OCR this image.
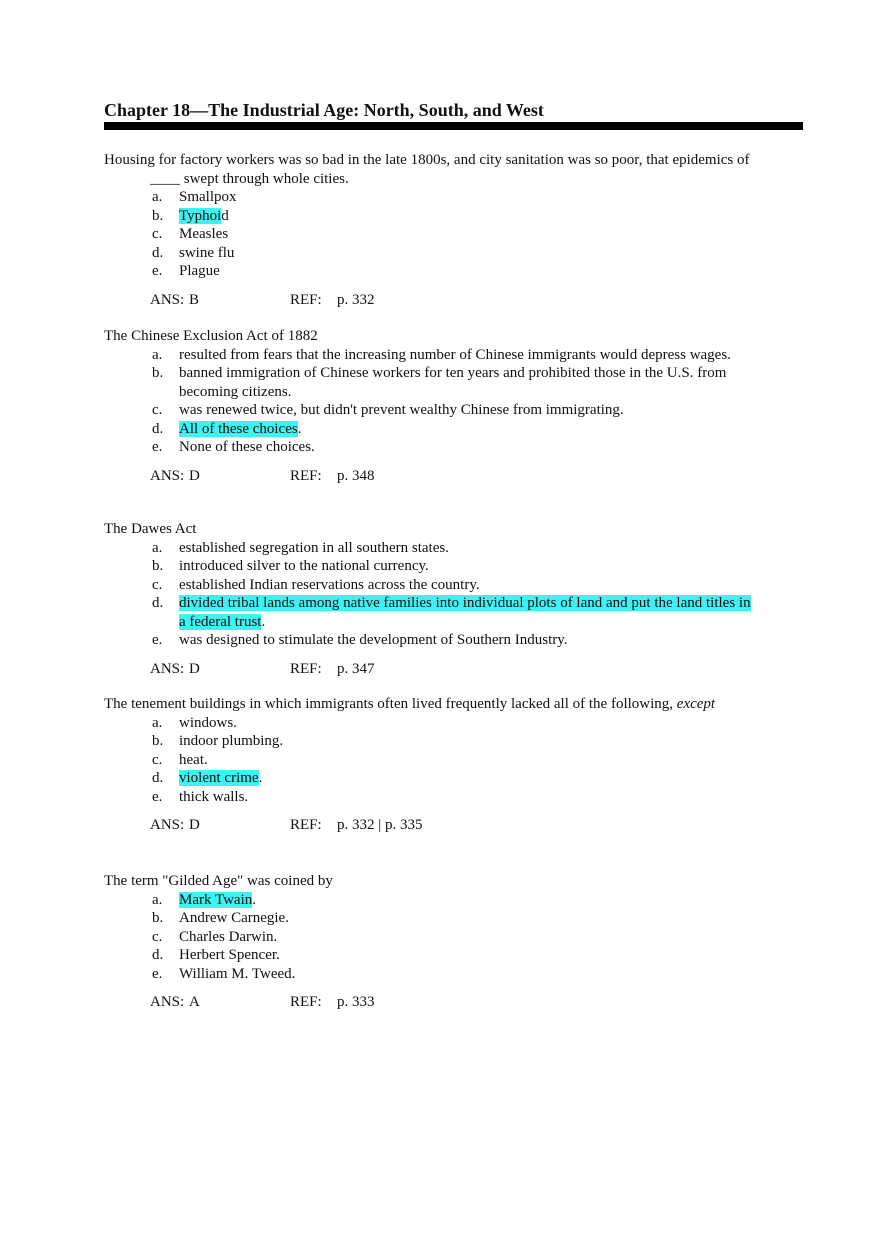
Chapter 18—The Industrial Age: North, South, and West

Housing for factory workers was so bad in the late 1800s, and city sanitation was so poor, that epidemics of
____ swept through whole cities.

a. Smallpox
b. Typhoid
c. Measles
d. swine flu
e. Plague
ANS: B	REF: p. 332

The Chinese Exclusion Act of 1882

a. resulted from fears that the increasing number of Chinese immigrants would depress wages.
b. banned immigration of Chinese workers for ten years and prohibited those in the U.S. from becoming citizens.
c. was renewed twice, but didn't prevent wealthy Chinese from immigrating.
d. All of these choices.
e. None of these choices.
ANS: D	REF: p. 348

The Dawes Act

a. established segregation in all southern states.
b. introduced silver to the national currency.
c. established Indian reservations across the country.
d. divided tribal lands among native families into individual plots of land and put the land titles in a federal trust.
e. was designed to stimulate the development of Southern Industry.
ANS: D	REF: p. 347

The tenement buildings in which immigrants often lived frequently lacked all of the following, except

a. windows.
b. indoor plumbing.
c. heat.
d. violent crime.
e. thick walls.
ANS: D	REF: p. 332 | p. 335

The term "Gilded Age" was coined by

a. Mark Twain.
b. Andrew Carnegie.
c. Charles Darwin.
d. Herbert Spencer.
e. William M. Tweed.
ANS: A	REF: p. 333
